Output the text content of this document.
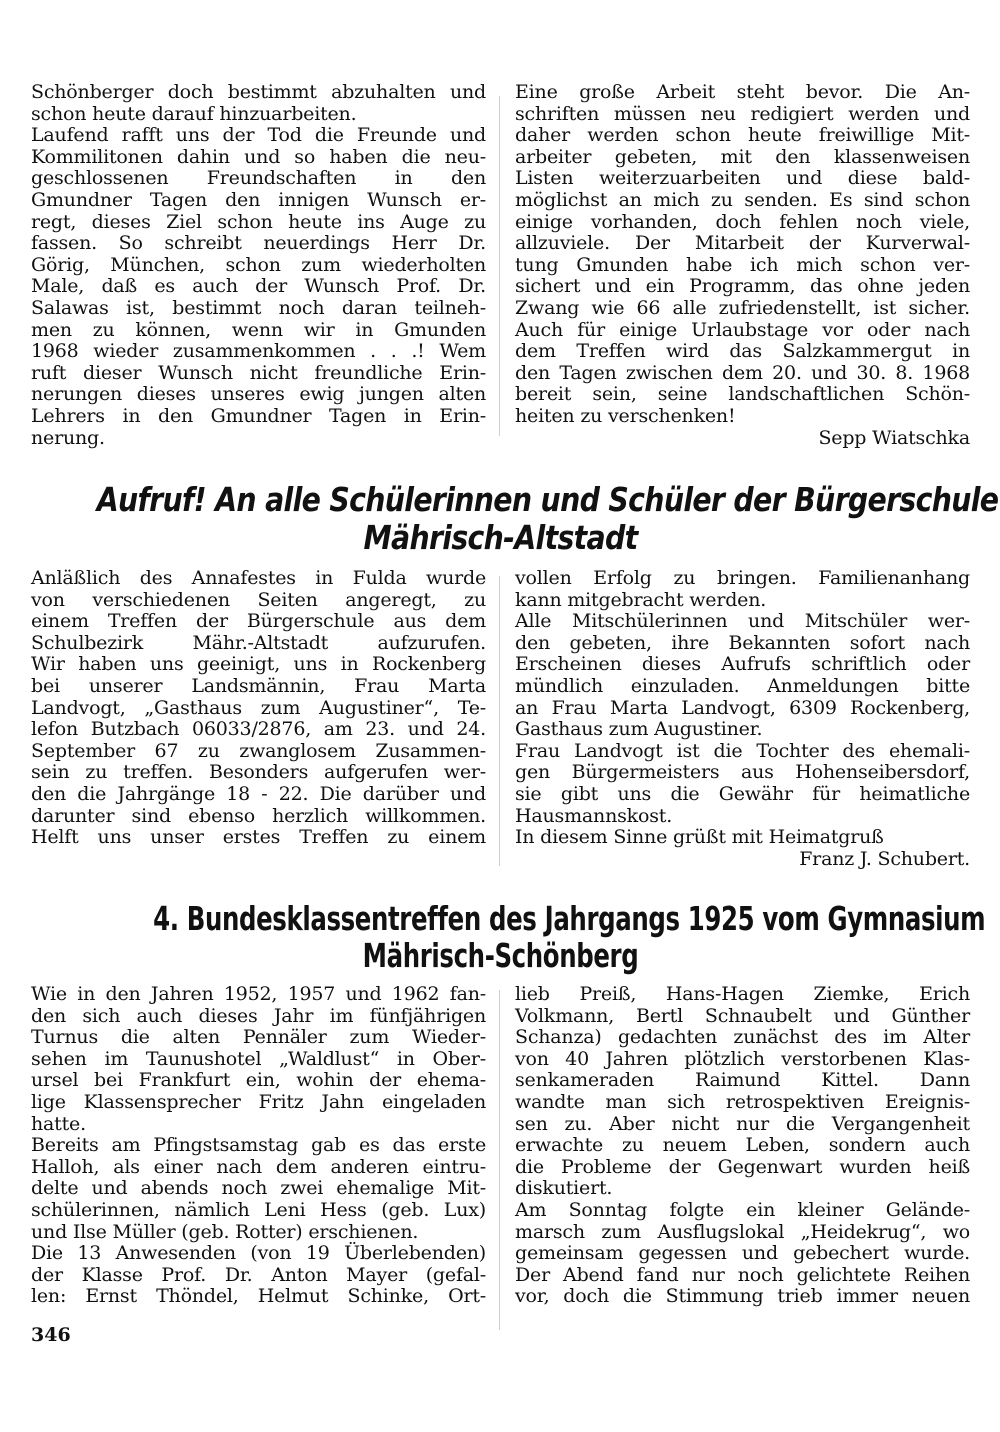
Schönberger doch bestimmt abzuhalten und
schon heute darauf hinzuarbeiten.
Laufend rafft uns der Tod die Freunde und
Kommilitonen dahin und so haben die neu-
geschlossenen Freundschaften in den
Gmundner Tagen den innigen Wunsch er-
regt, dieses Ziel schon heute ins Auge zu
fassen. So schreibt neuerdings Herr Dr.
Görig, München, schon zum wiederholten
Male, daß es auch der Wunsch Prof. Dr.
Salawas ist, bestimmt noch daran teilneh-
men zu können, wenn wir in Gmunden
1968 wieder zusammenkommen . . .! Wem
ruft dieser Wunsch nicht freundliche Erin-
nerungen dieses unseres ewig jungen alten
Lehrers in den Gmundner Tagen in Erin-
nerung.
Eine große Arbeit steht bevor. Die An-
schriften müssen neu redigiert werden und
daher werden schon heute freiwillige Mit-
arbeiter gebeten, mit den klassenweisen
Listen weiterzuarbeiten und diese bald-
möglichst an mich zu senden. Es sind schon
einige vorhanden, doch fehlen noch viele,
allzuviele. Der Mitarbeit der Kurverwal-
tung Gmunden habe ich mich schon ver-
sichert und ein Programm, das ohne jeden
Zwang wie 66 alle zufriedenstellt, ist sicher.
Auch für einige Urlaubstage vor oder nach
dem Treffen wird das Salzkammergut in
den Tagen zwischen dem 20. und 30. 8. 1968
bereit sein, seine landschaftlichen Schön-
heiten zu verschenken!
Sepp Wiatschka
Aufruf! An alle Schülerinnen und Schüler der Bürgerschule
Mährisch-Altstadt
Anläßlich des Annafestes in Fulda wurde
von verschiedenen Seiten angeregt, zu
einem Treffen der Bürgerschule aus dem
Schulbezirk Mähr.-Altstadt aufzurufen.
Wir haben uns geeinigt, uns in Rockenberg
bei unserer Landsmännin, Frau Marta
Landvogt, „Gasthaus zum Augustiner“, Te-
lefon Butzbach 06033/2876, am 23. und 24.
September 67 zu zwanglosem Zusammen-
sein zu treffen. Besonders aufgerufen wer-
den die Jahrgänge 18 - 22. Die darüber und
darunter sind ebenso herzlich willkommen.
Helft uns unser erstes Treffen zu einem
vollen Erfolg zu bringen. Familienanhang
kann mitgebracht werden.
Alle Mitschülerinnen und Mitschüler wer-
den gebeten, ihre Bekannten sofort nach
Erscheinen dieses Aufrufs schriftlich oder
mündlich einzuladen. Anmeldungen bitte
an Frau Marta Landvogt, 6309 Rockenberg,
Gasthaus zum Augustiner.
Frau Landvogt ist die Tochter des ehemali-
gen Bürgermeisters aus Hohenseibersdorf,
sie gibt uns die Gewähr für heimatliche
Hausmannskost.
In diesem Sinne grüßt mit Heimatgruß
Franz J. Schubert.
4. Bundesklassentreffen des Jahrgangs 1925 vom Gymnasium
Mährisch-Schönberg
Wie in den Jahren 1952, 1957 und 1962 fan-
den sich auch dieses Jahr im fünfjährigen
Turnus die alten Pennäler zum Wieder-
sehen im Taunushotel „Waldlust“ in Ober-
ursel bei Frankfurt ein, wohin der ehema-
lige Klassensprecher Fritz Jahn eingeladen
hatte.
Bereits am Pfingstsamstag gab es das erste
Halloh, als einer nach dem anderen eintru-
delte und abends noch zwei ehemalige Mit-
schülerinnen, nämlich Leni Hess (geb. Lux)
und Ilse Müller (geb. Rotter) erschienen.
Die 13 Anwesenden (von 19 Überlebenden)
der Klasse Prof. Dr. Anton Mayer (gefal-
len: Ernst Thöndel, Helmut Schinke, Ort-
lieb Preiß, Hans-Hagen Ziemke, Erich
Volkmann, Bertl Schnaubelt und Günther
Schanza) gedachten zunächst des im Alter
von 40 Jahren plötzlich verstorbenen Klas-
senkameraden Raimund Kittel. Dann
wandte man sich retrospektiven Ereignis-
sen zu. Aber nicht nur die Vergangenheit
erwachte zu neuem Leben, sondern auch
die Probleme der Gegenwart wurden heiß
diskutiert.
Am Sonntag folgte ein kleiner Gelände-
marsch zum Ausflugslokal „Heidekrug“, wo
gemeinsam gegessen und gebechert wurde.
Der Abend fand nur noch gelichtete Reihen
vor, doch die Stimmung trieb immer neuen
346
